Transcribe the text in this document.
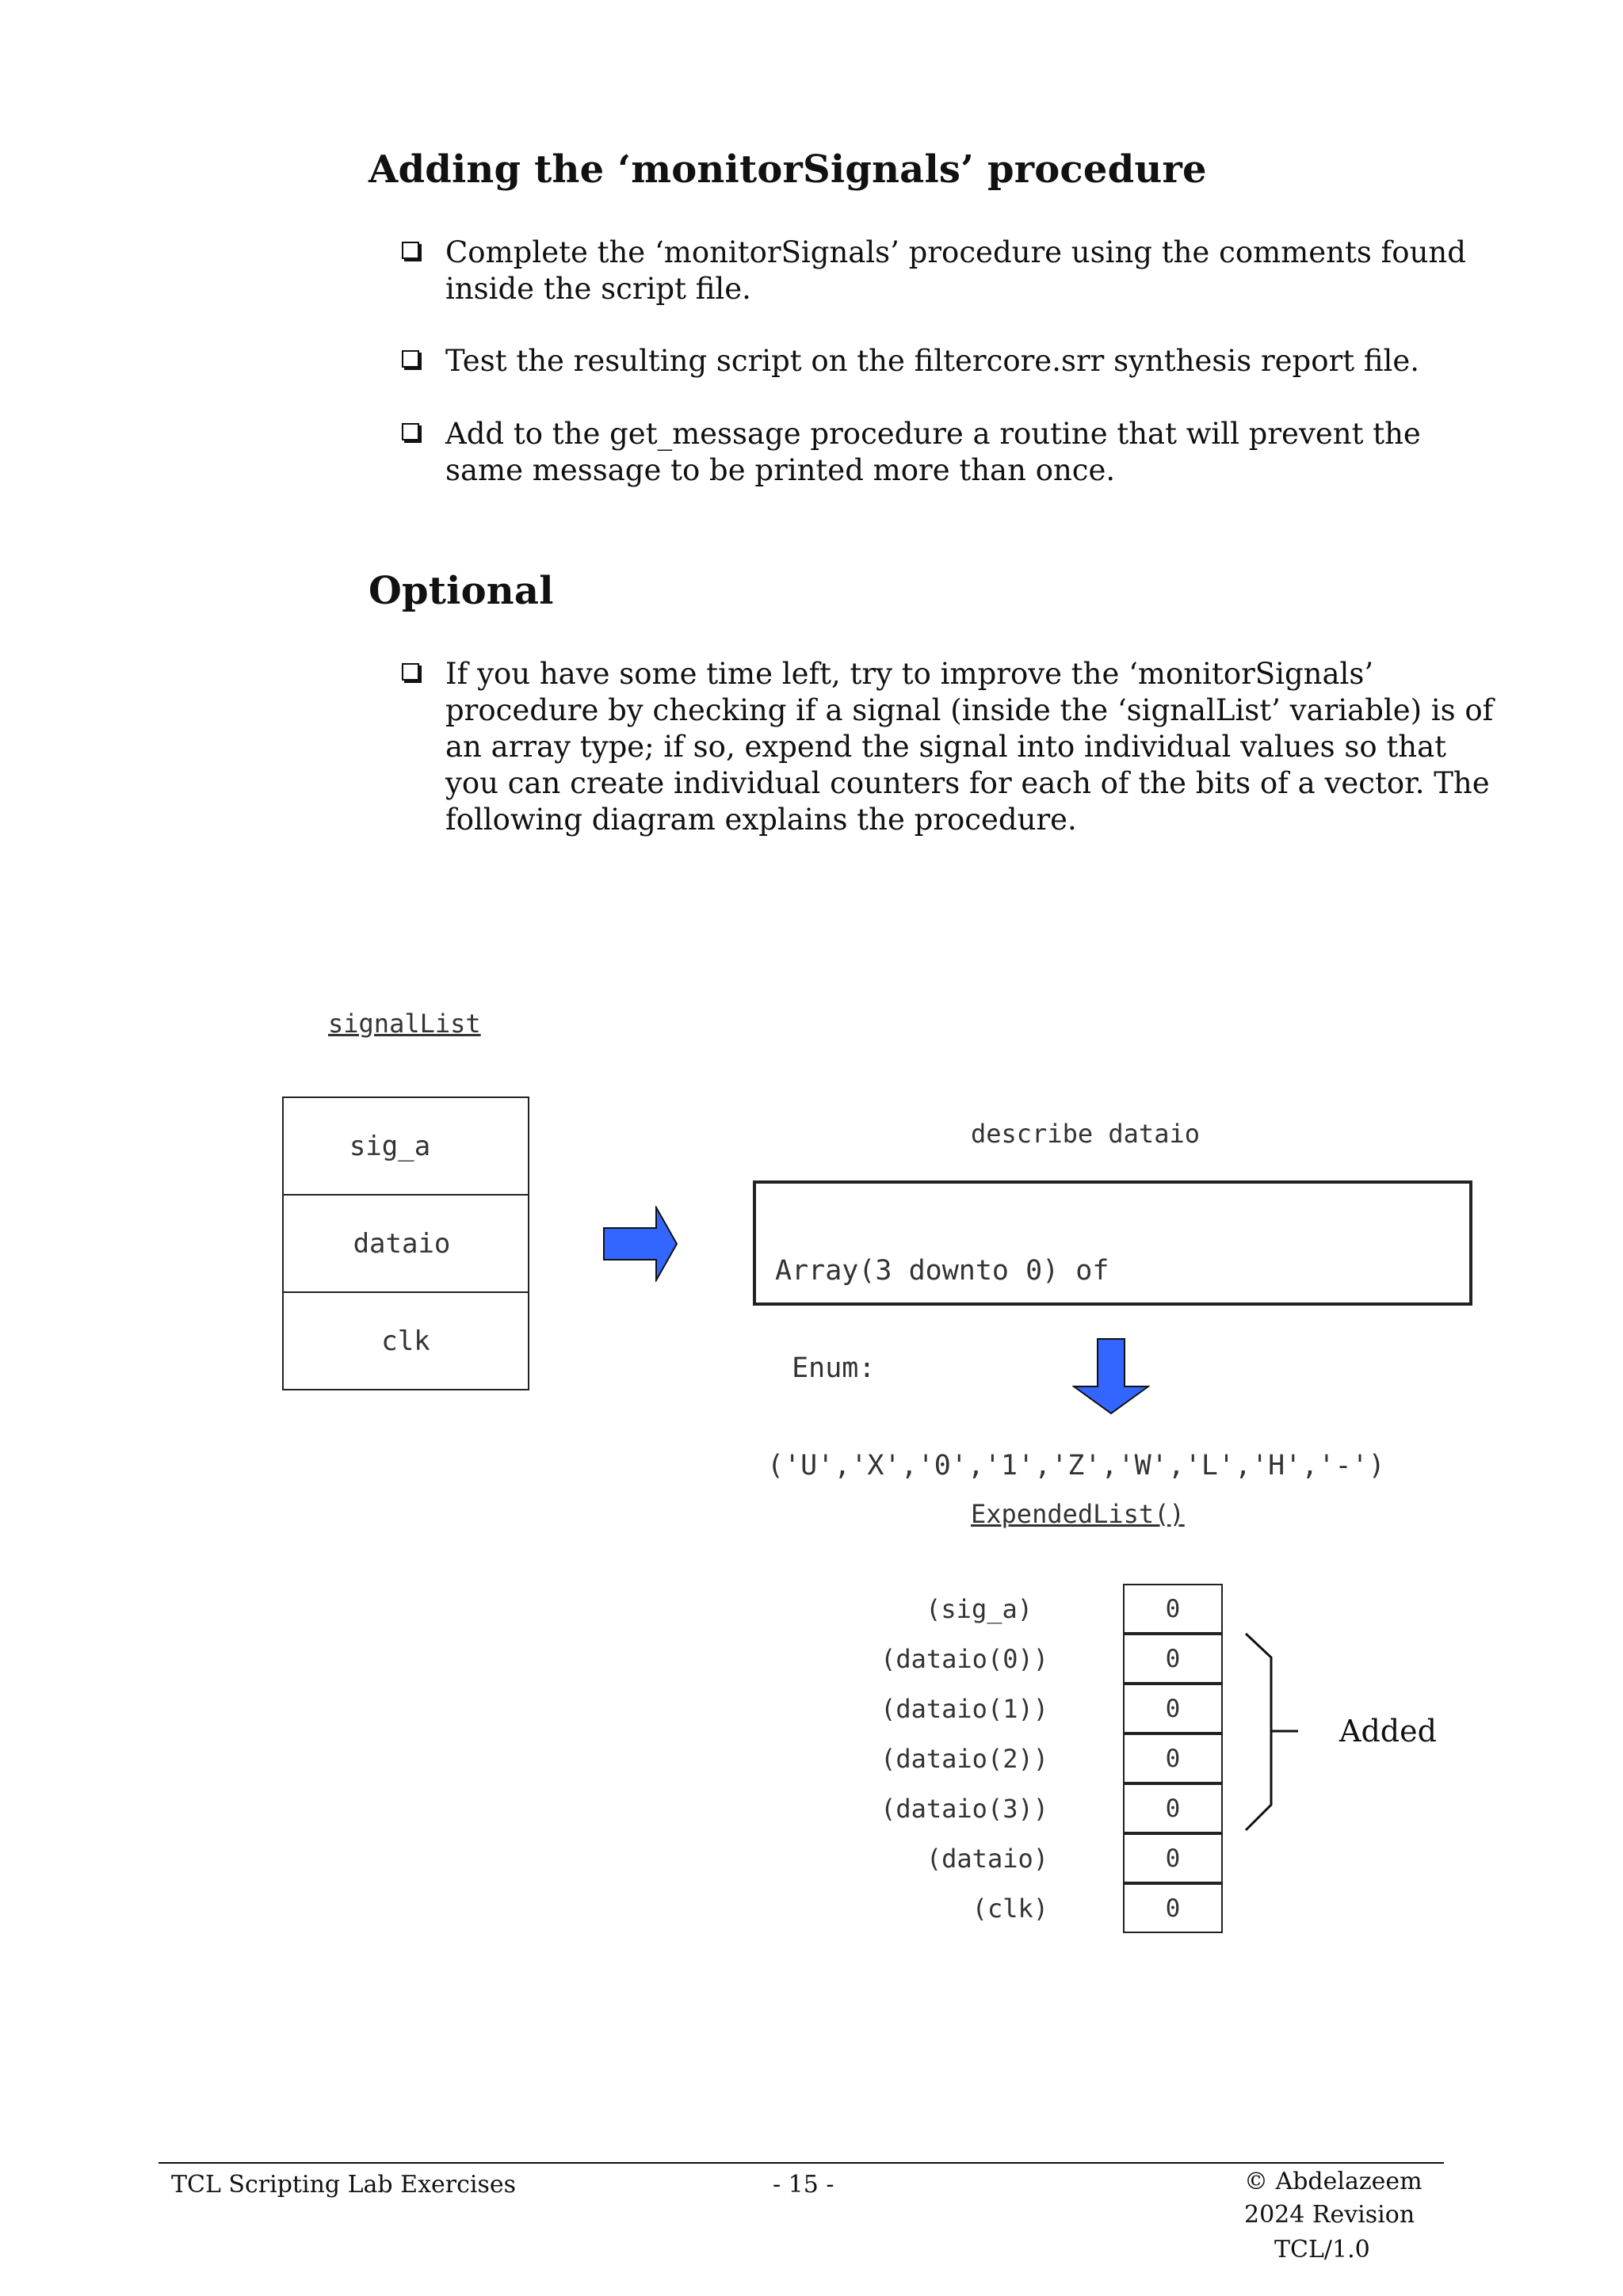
Adding the ‘monitorSignals’ procedure
Complete the ‘monitorSignals’ procedure using the comments found inside the script file.
Test the resulting script on the filtercore.srr synthesis report file.
Add to the get_message procedure a routine that will prevent the same message to be printed more than once.
Optional
If you have some time left, try to improve the ‘monitorSignals’ procedure by checking if a signal (inside the ‘signalList’ variable) is of an array type; if so, expend the signal into individual values so that you can create individual counters for each of the bits of a vector. The following diagram explains the procedure.
signalList
sig_a
dataio
clk
describe dataio

Array(3 downto 0) of

Enum:

('U','X','0','1','Z','W','L','H','-')

ExpendedList()
(sig_a)
(dataio(0))
(dataio(1))
(dataio(2))
(dataio(3))
(dataio)
(clk)
0
0
0
0
0
0
0
Added
TCL Scripting Lab Exercises	- 15 -	© Abdelazeem
2024 Revision
TCL/1.0
